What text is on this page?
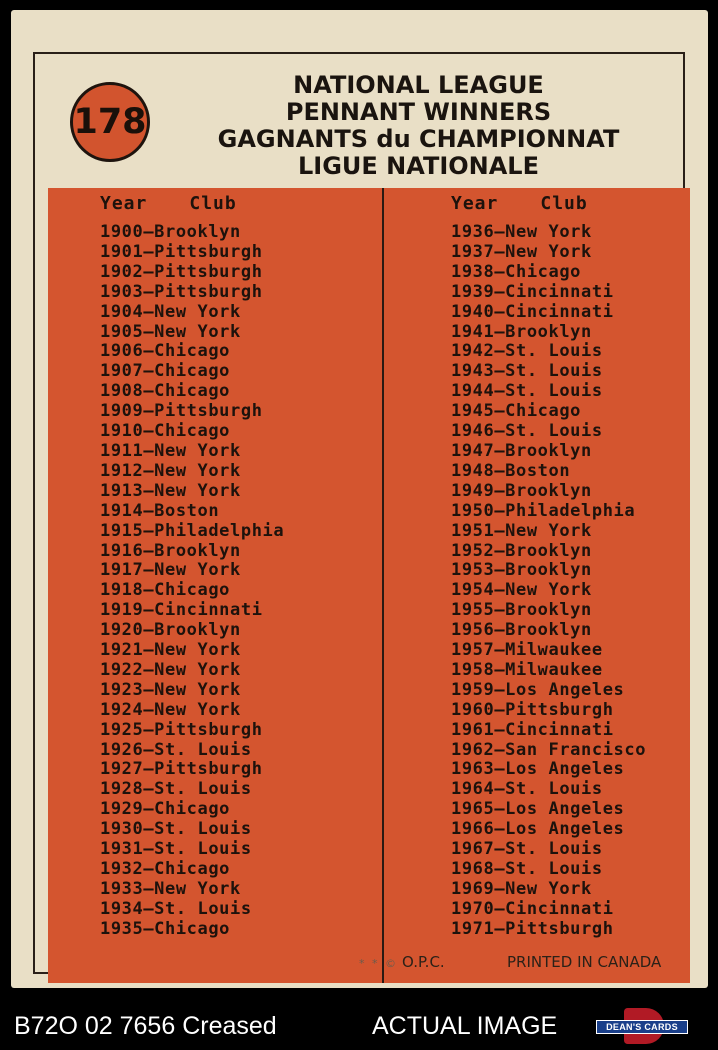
178
NATIONAL LEAGUE
PENNANT WINNERS
GAGNANTS du CHAMPIONNAT
LIGUE NATIONALE
Year Club
1900—Brooklyn
1901—Pittsburgh
1902—Pittsburgh
1903—Pittsburgh
1904—New York
1905—New York
1906—Chicago
1907—Chicago
1908—Chicago
1909—Pittsburgh
1910—Chicago
1911—New York
1912—New York
1913—New York
1914—Boston
1915—Philadelphia
1916—Brooklyn
1917—New York
1918—Chicago
1919—Cincinnati
1920—Brooklyn
1921—New York
1922—New York
1923—New York
1924—New York
1925—Pittsburgh
1926—St. Louis
1927—Pittsburgh
1928—St. Louis
1929—Chicago
1930—St. Louis
1931—St. Louis
1932—Chicago
1933—New York
1934—St. Louis
1935—Chicago
Year Club
1936—New York
1937—New York
1938—Chicago
1939—Cincinnati
1940—Cincinnati
1941—Brooklyn
1942—St. Louis
1943—St. Louis
1944—St. Louis
1945—Chicago
1946—St. Louis
1947—Brooklyn
1948—Boston
1949—Brooklyn
1950—Philadelphia
1951—New York
1952—Brooklyn
1953—Brooklyn
1954—New York
1955—Brooklyn
1956—Brooklyn
1957—Milwaukee
1958—Milwaukee
1959—Los Angeles
1960—Pittsburgh
1961—Cincinnati
1962—San Francisco
1963—Los Angeles
1964—St. Louis
1965—Los Angeles
1966—Los Angeles
1967—St. Louis
1968—St. Louis
1969—New York
1970—Cincinnati
1971—Pittsburgh
* * © O.P.C.	PRINTED IN CANADA
B72O 02 7656 Creased	ACTUAL IMAGE	DEAN'S CARDS
